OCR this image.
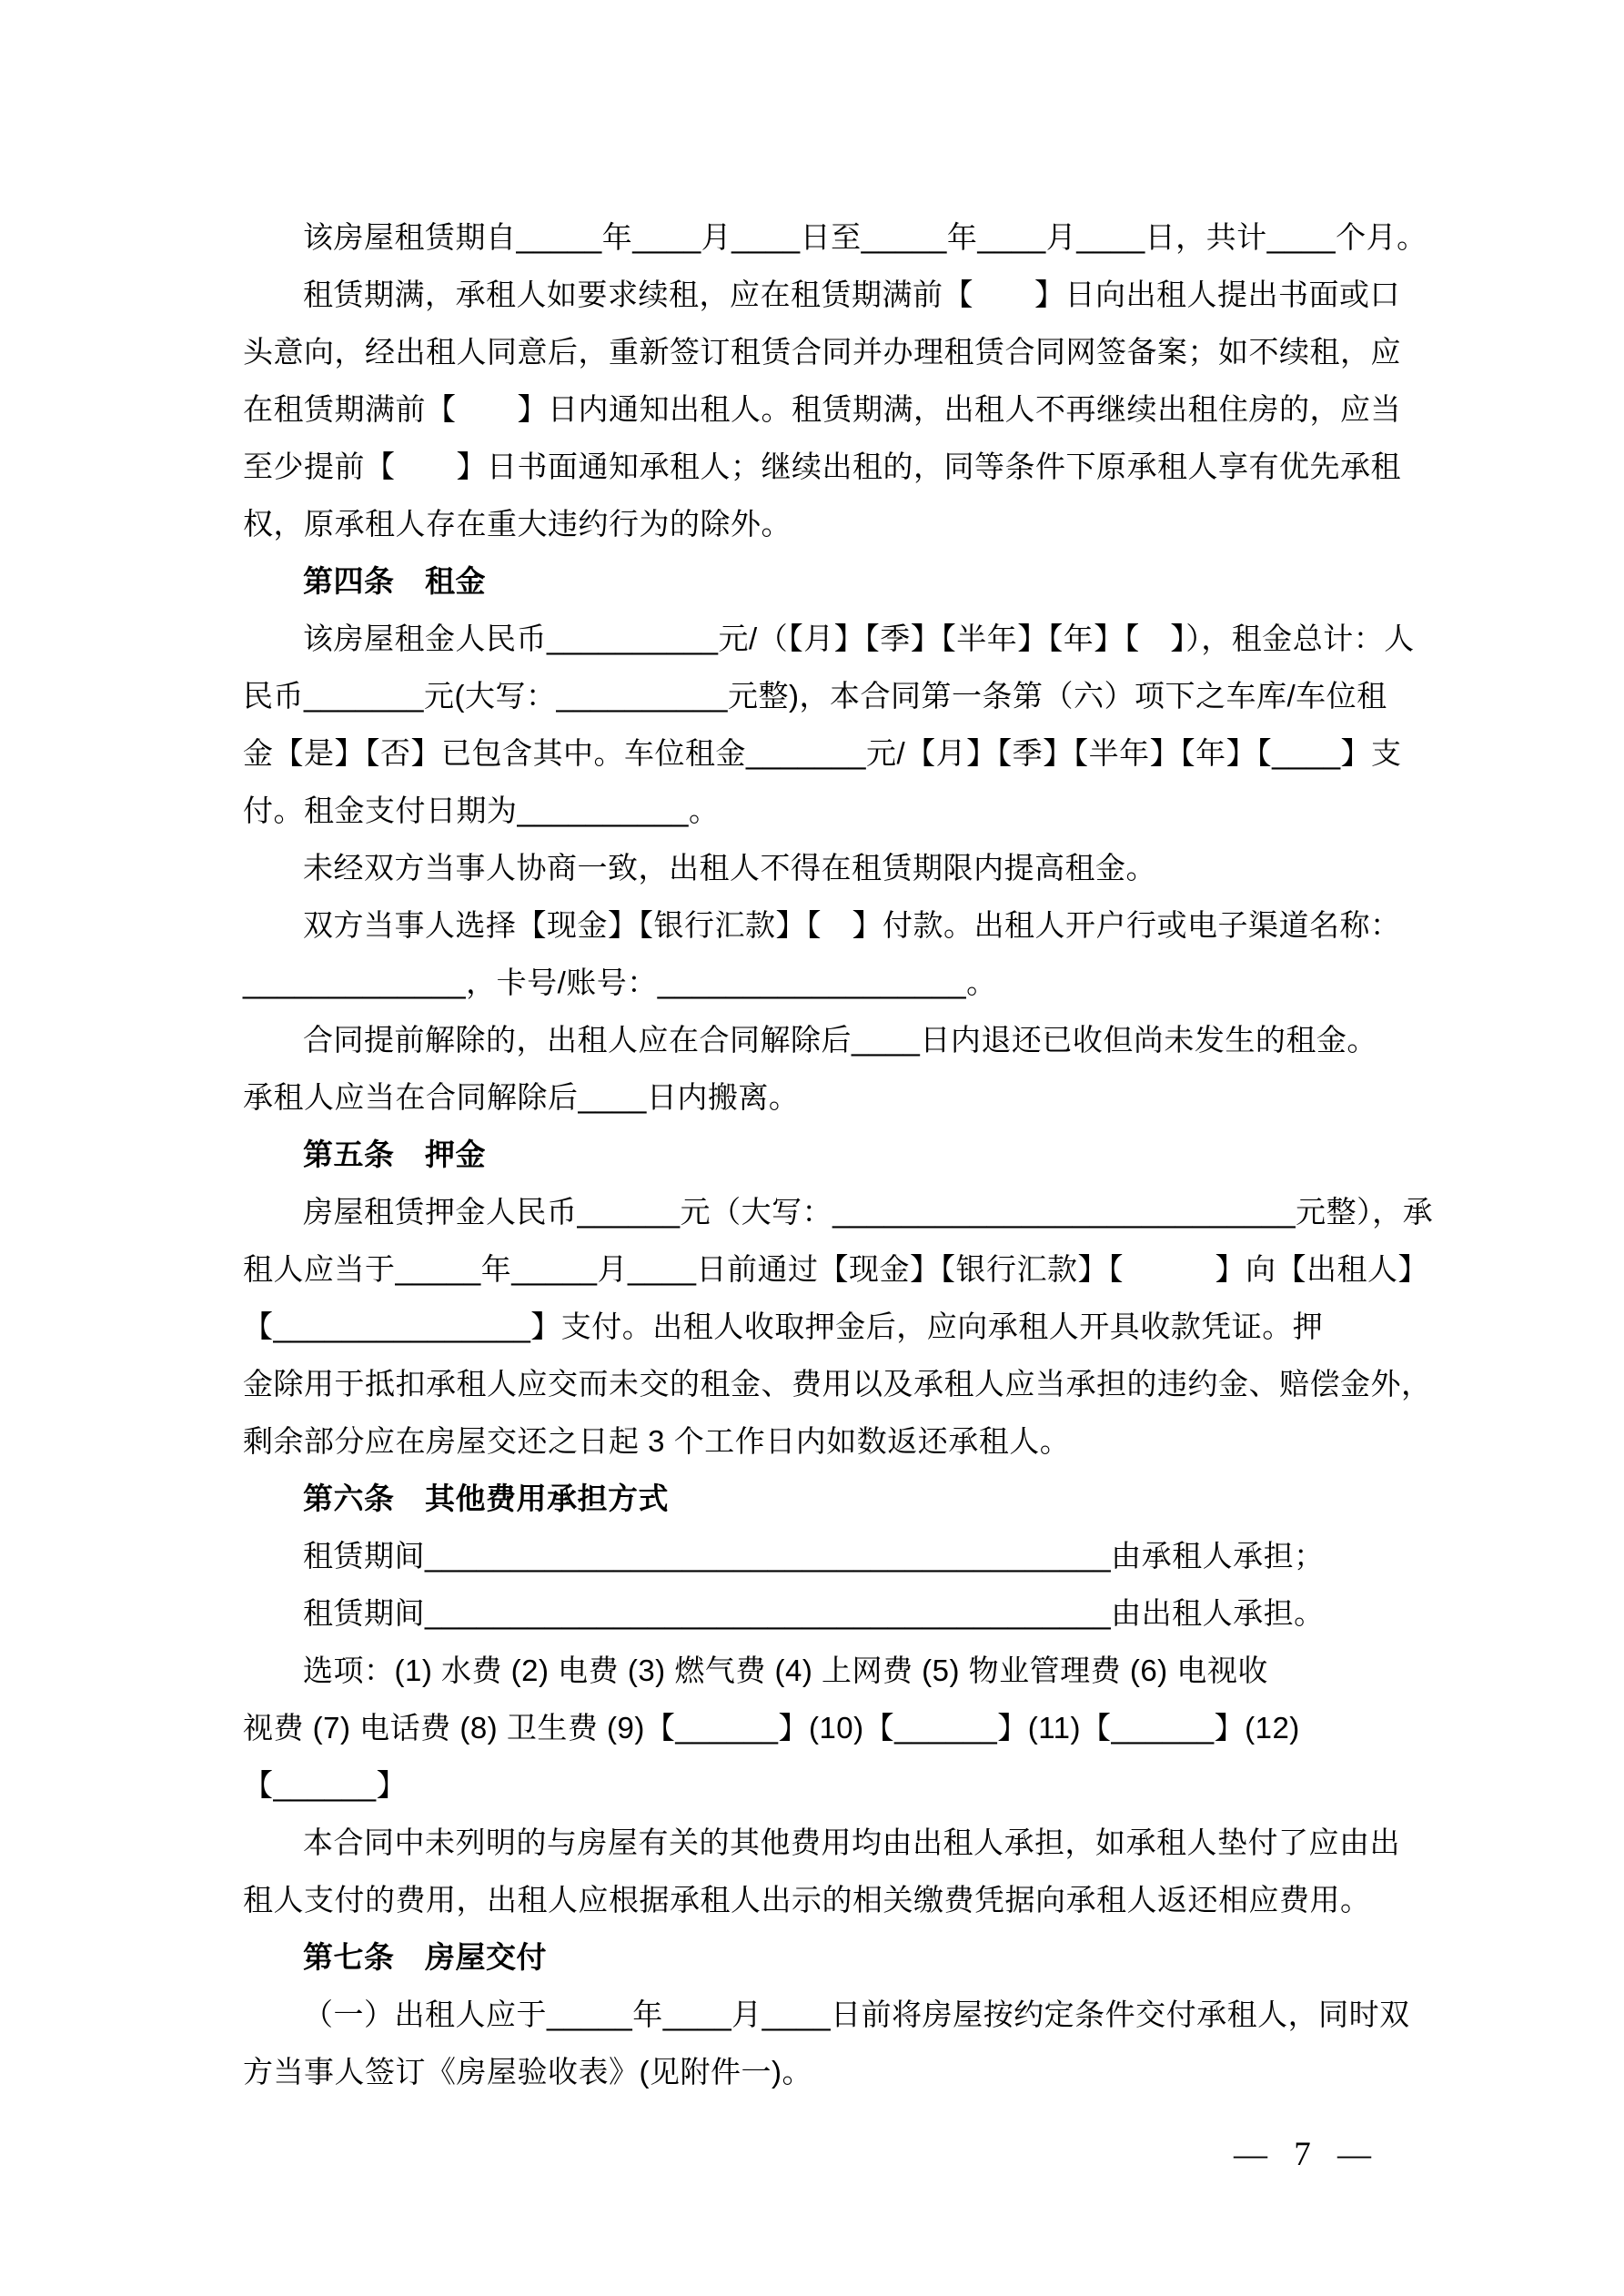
该房屋租赁期自_____年____月____日至_____年____月____日，共计____个月。
租赁期满，承租人如要求续租，应在租赁期满前【　　】日向出租人提出书面或口
头意向，经出租人同意后，重新签订租赁合同并办理租赁合同网签备案；如不续租，应
在租赁期满前【　　】日内通知出租人。租赁期满，出租人不再继续出租住房的，应当
至少提前【　　】日书面通知承租人；继续出租的，同等条件下原承租人享有优先承租
权，原承租人存在重大违约行为的除外。
第四条　租金
该房屋租金人民币__________元/（【月】【季】【半年】【年】【　】），租金总计：人
民币_______元(大写：__________元整)，本合同第一条第（六）项下之车库/车位租
金【是】【否】已包含其中。车位租金_______元/【月】【季】【半年】【年】【____】支
付。租金支付日期为__________。
未经双方当事人协商一致，出租人不得在租赁期限内提高租金。
双方当事人选择【现金】【银行汇款】【　】付款。出租人开户行或电子渠道名称：
_____________，卡号/账号：__________________。
合同提前解除的，出租人应在合同解除后____日内退还已收但尚未发生的租金。
承租人应当在合同解除后____日内搬离。
第五条　押金
房屋租赁押金人民币______元（大写：___________________________元整），承
租人应当于_____年_____月____日前通过【现金】【银行汇款】【　　　】向【出租人】
【_______________】支付。出租人收取押金后，应向承租人开具收款凭证。押
金除用于抵扣承租人应交而未交的租金、费用以及承租人应当承担的违约金、赔偿金外，
剩余部分应在房屋交还之日起 3 个工作日内如数返还承租人。
第六条　其他费用承担方式
租赁期间________________________________________由承租人承担；
租赁期间________________________________________由出租人承担。
选项：(1) 水费 (2) 电费 (3) 燃气费 (4) 上网费 (5) 物业管理费 (6) 电视收
视费 (7) 电话费 (8) 卫生费 (9)【______】(10)【______】(11)【______】(12)
【______】
本合同中未列明的与房屋有关的其他费用均由出租人承担，如承租人垫付了应由出
租人支付的费用，出租人应根据承租人出示的相关缴费凭据向承租人返还相应费用。
第七条　房屋交付
（一）出租人应于_____年____月____日前将房屋按约定条件交付承租人，同时双
方当事人签订《房屋验收表》(见附件一)。
— 7 —
